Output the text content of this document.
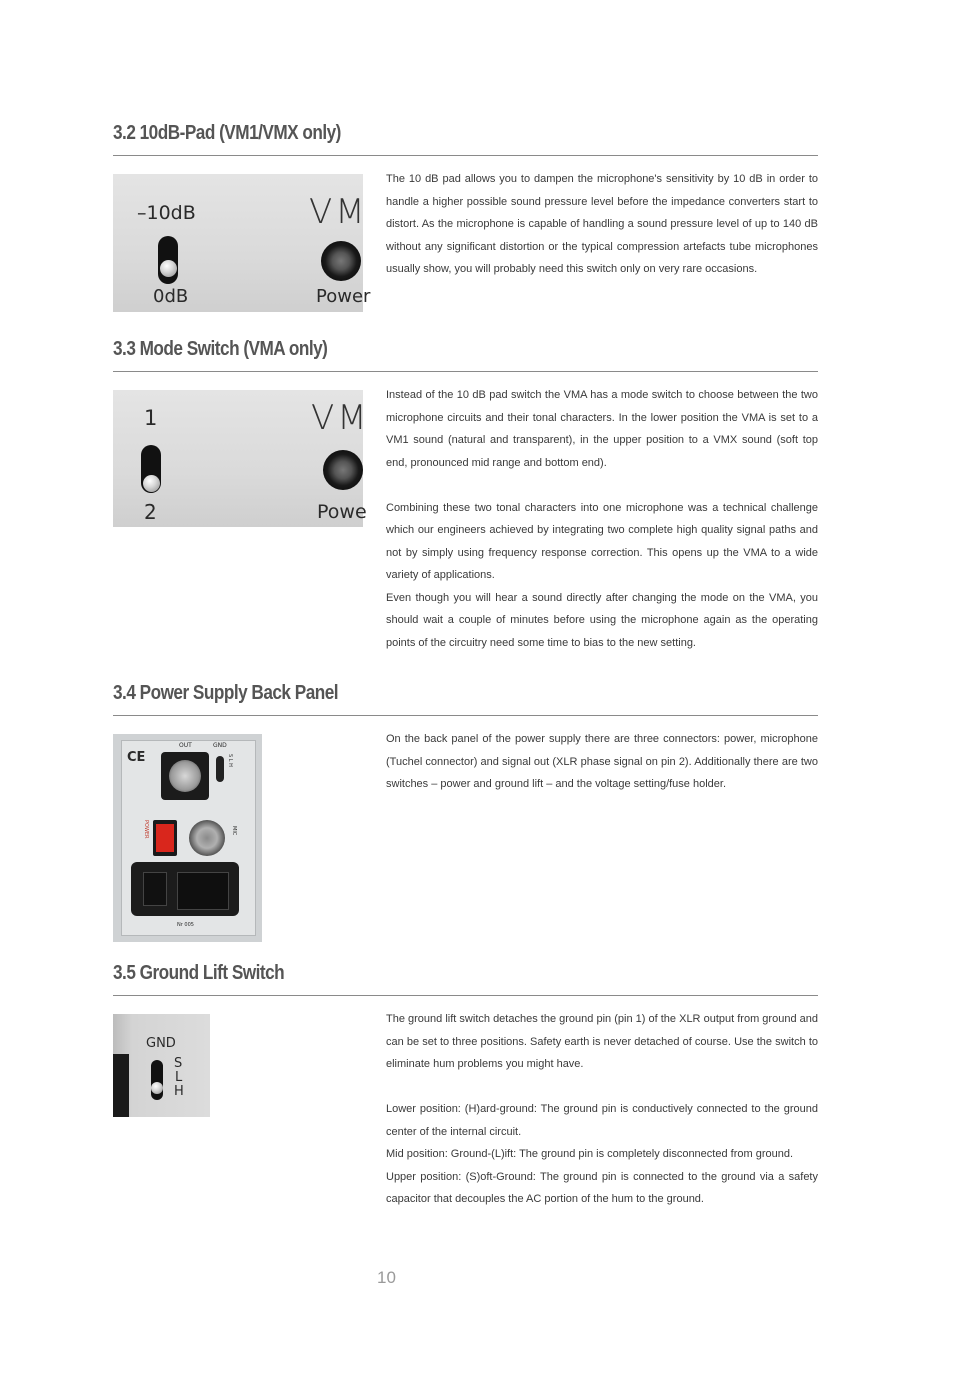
3.2 10dB-Pad (VM1/VMX only)
–10dB
0dB
VM
Power

The 10 dB pad allows you to dampen the microphone's sensitivity by 10 dB in order to handle a higher possible sound pressure level before the impedance converters start to distort. As the microphone is capable of handling a sound pressure level of up to 140 dB without any significant distortion or the typical compression artefacts tube microphones usually show, you will probably need this switch only on very rare occasions.

3.3 Mode Switch (VMA only)
1
2
VM
Powe

Instead of the 10 dB pad switch the VMA has a mode switch to choose between the two microphone circuits and their tonal characters. In the lower position the VMA is set to a VM1 sound (natural and transparent), in the upper position to a VMX sound (soft top end, pronounced mid range and bottom end).

Combining these two tonal characters into one microphone was a technical challenge which our engineers achieved by integrating two complete high quality signal paths and not by simply using frequency response correction. This opens up the VMA to a wide variety of applications.

Even though you will hear a sound directly after changing the mode on the VMA, you should wait a couple of minutes before using the microphone again as the operating points of the circuitry need some time to bias to the new setting.

3.4 Power Supply Back Panel
CE
OUT	GND
S L H
POWER	MIC
Nr 005

On the back panel of the power supply there are three connectors: power, microphone (Tuchel connector) and signal out (XLR phase signal on pin 2). Additionally there are two switches – power and ground lift – and the voltage setting/fuse holder.

3.5 Ground Lift Switch
GND
S
L
H

The ground lift switch detaches the ground pin (pin 1) of the XLR output from ground and can be set to three positions. Safety earth is never detached of course. Use the switch to eliminate hum problems you might have.

Lower position: (H)ard-ground: The ground pin is conductively connected to the ground center of the internal circuit.

Mid position: Ground-(L)ift: The ground pin is completely disconnected from ground.

Upper position: (S)oft-Ground: The ground pin is connected to the ground via a safety capacitor that decouples the AC portion of the hum to the ground.

10
